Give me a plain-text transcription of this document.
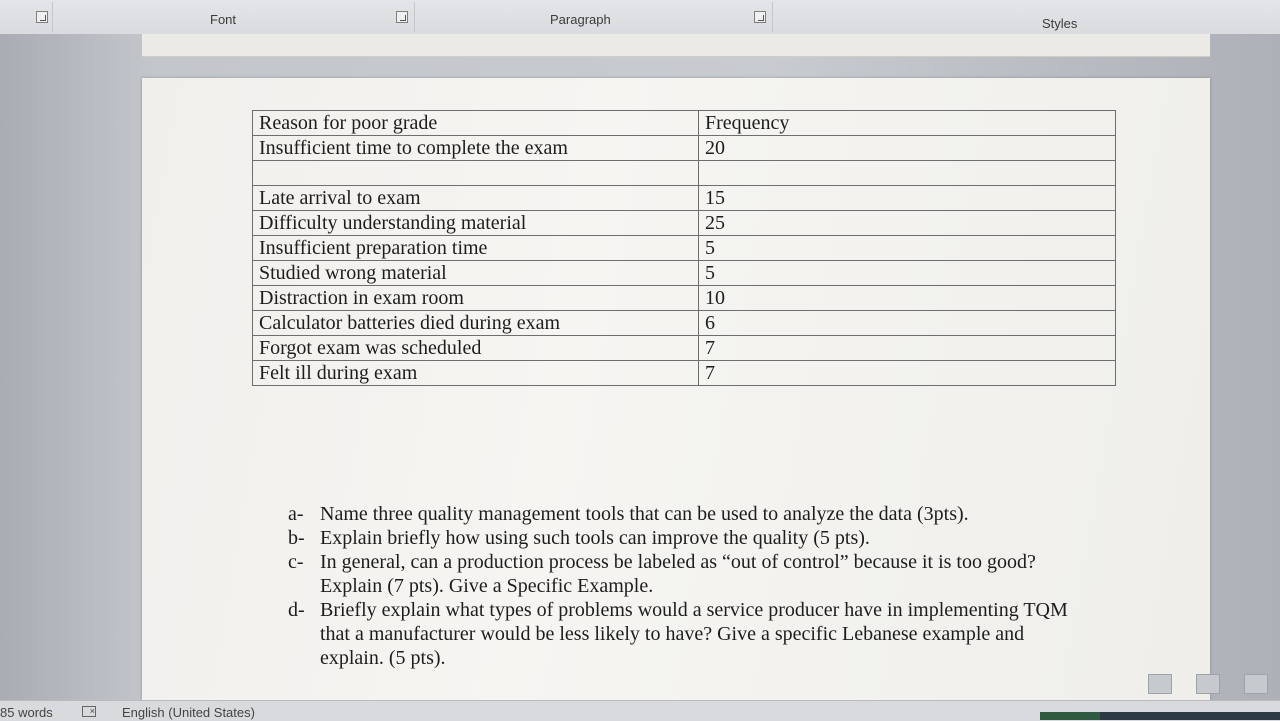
Font	Paragraph	Styles
Reason for poor grade	Frequency
Insufficient time to complete the exam	20

Late arrival to exam	15
Difficulty understanding material	25
Insufficient preparation time	5
Studied wrong material	5
Distraction in exam room	10
Calculator batteries died during exam	6
Forgot exam was scheduled	7
Felt ill during exam	7
a- Name three quality management tools that can be used to analyze the data (3pts).
b- Explain briefly how using such tools can improve the quality (5 pts).
c- In general, can a production process be labeled as “out of control” because it is too good? Explain (7 pts). Give a Specific Example.
d- Briefly explain what types of problems would a service producer have in implementing TQM that a manufacturer would be less likely to have? Give a specific Lebanese example and explain. (5 pts).
85 words	× English (United States)
